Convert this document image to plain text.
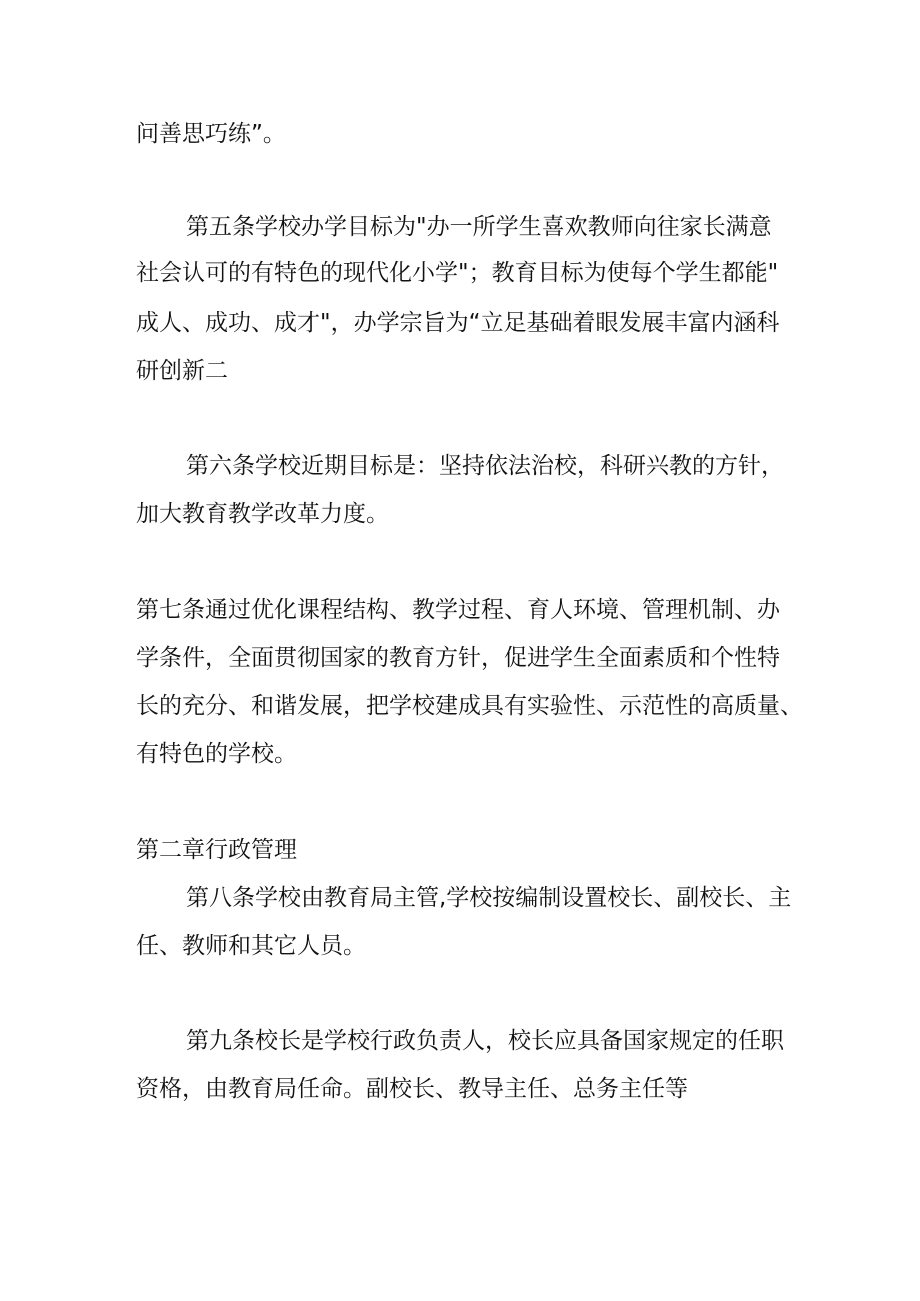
问善思巧练”。
第五条学校办学目标为"办一所学生喜欢教师向往家长满意
社会认可的有特色的现代化小学"；教育目标为使每个学生都能"
成人、成功、成才"，办学宗旨为“立足基础着眼发展丰富内涵科
研创新二
第六条学校近期目标是：坚持依法治校，科研兴教的方针，
加大教育教学改革力度。
第七条通过优化课程结构、教学过程、育人环境、管理机制、办
学条件，全面贯彻国家的教育方针，促进学生全面素质和个性特
长的充分、和谐发展，把学校建成具有实验性、示范性的高质量、
有特色的学校。
第二章行政管理
第八条学校由教育局主管,学校按编制设置校长、副校长、主
任、教师和其它人员。
第九条校长是学校行政负责人，校长应具备国家规定的任职
资格，由教育局任命。副校长、教导主任、总务主任等
